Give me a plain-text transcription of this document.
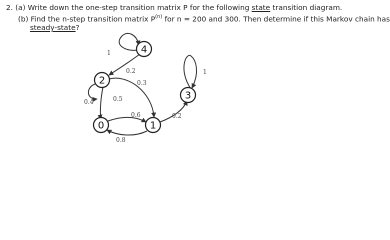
2. (a) Write down the one-step transition matrix P for the following state transition diagram.
(b) Find the n-step transition matrix $P^{(n)}$ for n = 200 and 300. Then determine if this Markov chain has
steady-state?
1
0.2
0.3
0.4	0.5
0.6
0.8
1
0.2
4
2
0	1
3
